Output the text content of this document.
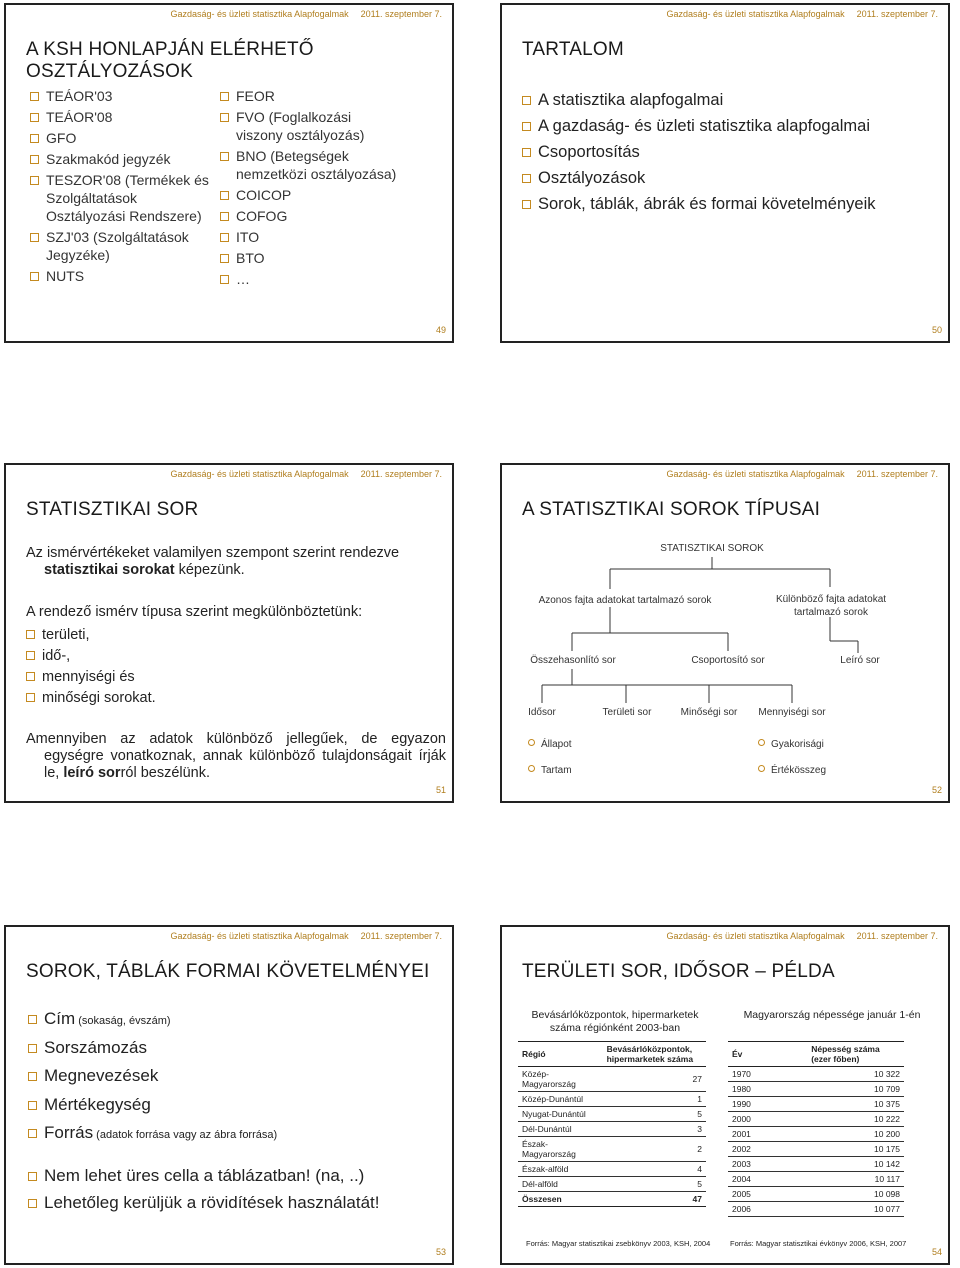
Gazdaság- és üzleti statisztika Alapfogalmak 2011. szeptember 7.
A KSH HONLAPJÁN ELÉRHETŐ OSZTÁLYOZÁSOK
TEÁOR'03
TEÁOR'08
GFO
Szakmakód jegyzék
TESZOR'08 (Termékek és Szolgáltatások Osztályozási Rendszere)
SZJ'03 (Szolgáltatások Jegyzéke)
NUTS
FEOR
FVO (Foglalkozási viszony osztályozás)
BNO (Betegségek nemzetközi osztályozása)
COICOP
COFOG
ITO
BTO
…
49
Gazdaság- és üzleti statisztika Alapfogalmak 2011. szeptember 7.
TARTALOM
A statisztika alapfogalmai
A gazdaság- és üzleti statisztika alapfogalmai
Csoportosítás
Osztályozások
Sorok, táblák, ábrák és formai követelményeik
50
Gazdaság- és üzleti statisztika Alapfogalmak 2011. szeptember 7.
STATISZTIKAI SOR

Az ismérvértékeket valamilyen szempont szerint rendezve statisztikai sorokat képezünk.

A rendező ismérv típusa szerint megkülönböztetünk:

területi,
idő-,
mennyiségi és
minőségi sorokat.

Amennyiben az adatok különböző jellegűek, de egyazon egységre vonatkoznak, annak különböző tulajdonságait írják le, leíró sorról beszélünk.

51
Gazdaság- és üzleti statisztika Alapfogalmak 2011. szeptember 7.
A STATISZTIKAI SOROK TÍPUSAI
STATISZTIKAI SOROK
Azonos fajta adatokat tartalmazó sorok	Különböző fajta adatokat tartalmazó sorok
Összehasonlító sor	Csoportosító sor	Leíró sor
Idősor	Területi sor	Minőségi sor	Mennyiségi sor
Állapot
Tartam
Gyakorisági
Értékösszeg
52
Gazdaság- és üzleti statisztika Alapfogalmak 2011. szeptember 7.
SOROK, TÁBLÁK FORMAI KÖVETELMÉNYEI
Cím (sokaság, évszám)
Sorszámozás
Megnevezések
Mértékegység
Forrás (adatok forrása vagy az ábra forrása)
Nem lehet üres cella a táblázatban! (na, ..)
Lehetőleg kerüljük a rövidítések használatát!
53
Gazdaság- és üzleti statisztika Alapfogalmak 2011. szeptember 7.
TERÜLETI SOR, IDŐSOR – PÉLDA
Bevásárlóközpontok, hipermarketek száma régiónként 2003-ban
Magyarország népessége január 1-én
Régió	Bevásárlóközpontok, hipermarketek száma
Közép-Magyarország	27
Közép-Dunántúl	1
Nyugat-Dunántúl	5
Dél-Dunántúl	3
Észak-Magyarország	2
Észak-alföld	4
Dél-alföld	5
Összesen	47
Év	Népesség száma (ezer főben)
1970	10 322
1980	10 709
1990	10 375
2000	10 222
2001	10 200
2002	10 175
2003	10 142
2004	10 117
2005	10 098
2006	10 077
Forrás: Magyar statisztikai zsebkönyv 2003, KSH, 2004	Forrás: Magyar statisztikai évkönyv 2006, KSH, 2007
54
